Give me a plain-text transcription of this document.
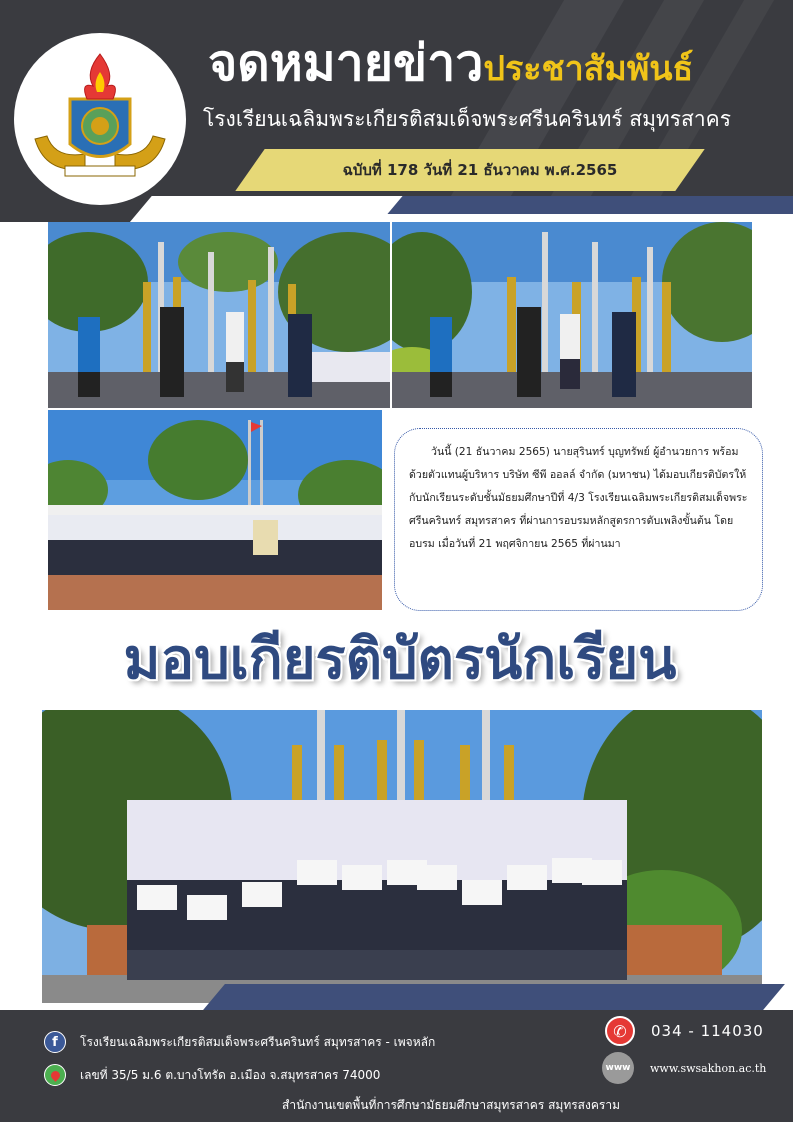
จดหมายข่าวประชาสัมพันธ์
โรงเรียนเฉลิมพระเกียรติสมเด็จพระศรีนครินทร์ สมุทรสาคร
ฉบับที่ 178 วันที่ 21 ธันวาคม พ.ศ.2565

วันนี้ (21 ธันวาคม 2565) นายสุรินทร์ บุญทรัพย์ ผู้อำนวยการ พร้อมด้วยตัวแทนผู้บริหาร บริษัท ซีพี ออลล์ จำกัด (มหาชน) ได้มอบเกียรติบัตรให้กับนักเรียนระดับชั้นมัธยมศึกษาปีที่ 4/3 โรงเรียนเฉลิมพระเกียรติสมเด็จพระศรีนครินทร์ สมุทรสาคร ที่ผ่านการอบรมหลักสูตรการดับเพลิงขั้นต้น โดยอบรม เมื่อวันที่ 21 พฤศจิกายน 2565 ที่ผ่านมา

มอบเกียรติบัตรนักเรียน
f	โรงเรียนเฉลิมพระเกียรติสมเด็จพระศรีนครินทร์ สมุทรสาคร - เพจหลัก
เลขที่ 35/5 ม.6 ต.บางโทรัด อ.เมือง จ.สมุทรสาคร 74000
✆	034 - 114030
www	www.swsakhon.ac.th
สำนักงานเขตพื้นที่การศึกษามัธยมศึกษาสมุทรสาคร สมุทรสงคราม
